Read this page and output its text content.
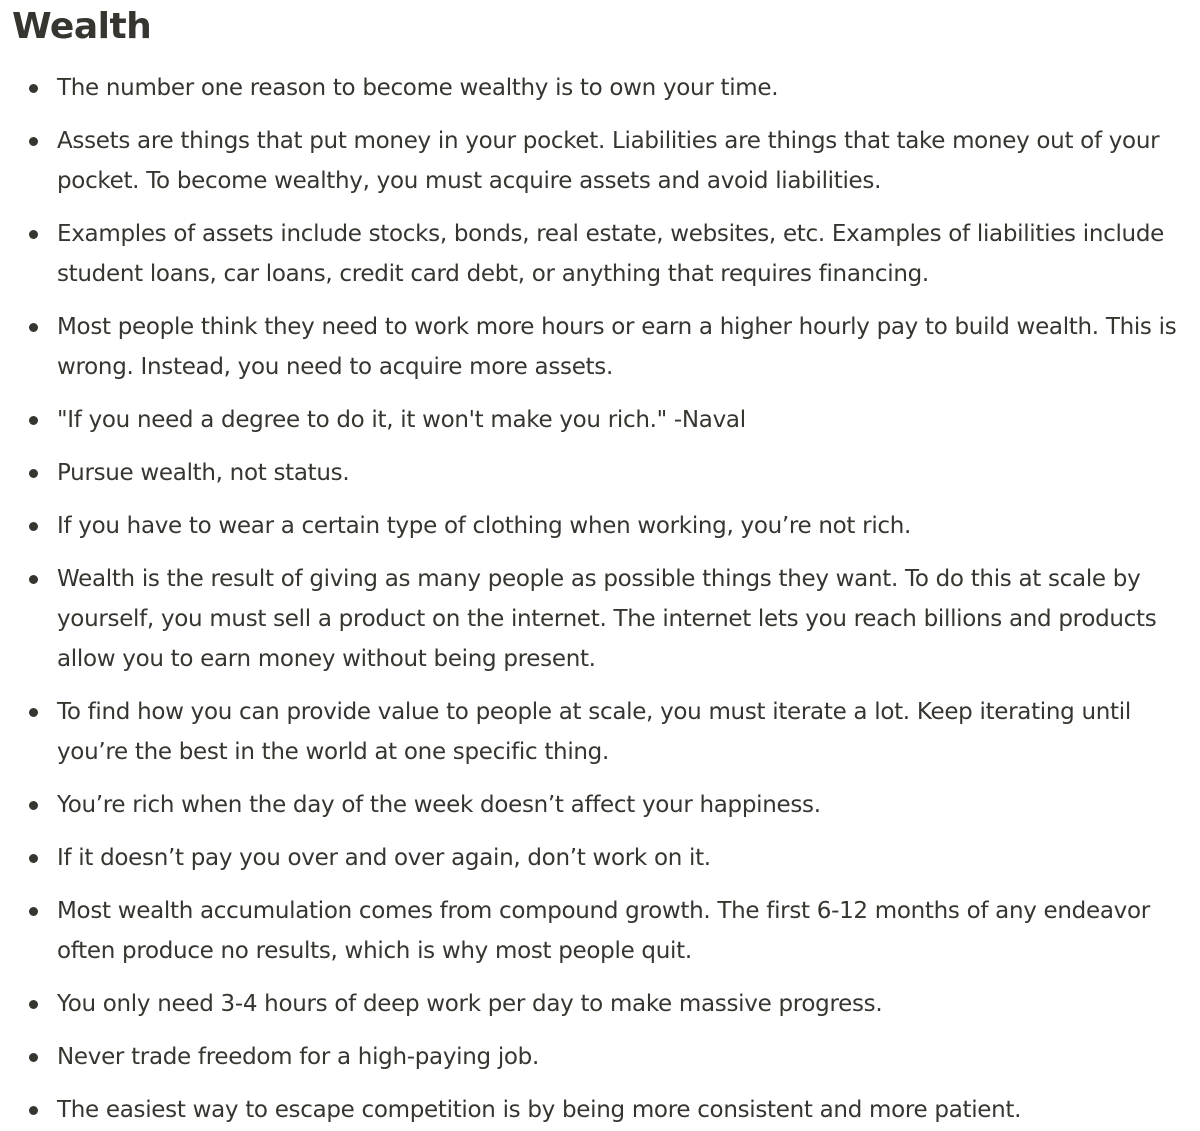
Wealth
The number one reason to become wealthy is to own your time.
Assets are things that put money in your pocket. Liabilities are things that take money out of your pocket. To become wealthy, you must acquire assets and avoid liabilities.
Examples of assets include stocks, bonds, real estate, websites, etc. Examples of liabilities include student loans, car loans, credit card debt, or anything that requires financing.
Most people think they need to work more hours or earn a higher hourly pay to build wealth. This is wrong. Instead, you need to acquire more assets.
"If you need a degree to do it, it won't make you rich." -Naval
Pursue wealth, not status.
If you have to wear a certain type of clothing when working, you’re not rich.
Wealth is the result of giving as many people as possible things they want. To do this at scale by yourself, you must sell a product on the internet. The internet lets you reach billions and products allow you to earn money without being present.
To find how you can provide value to people at scale, you must iterate a lot. Keep iterating until you’re the best in the world at one specific thing.
You’re rich when the day of the week doesn’t affect your happiness.
If it doesn’t pay you over and over again, don’t work on it.
Most wealth accumulation comes from compound growth. The first 6-12 months of any endeavor often produce no results, which is why most people quit.
You only need 3-4 hours of deep work per day to make massive progress.
Never trade freedom for a high-paying job.
The easiest way to escape competition is by being more consistent and more patient.
